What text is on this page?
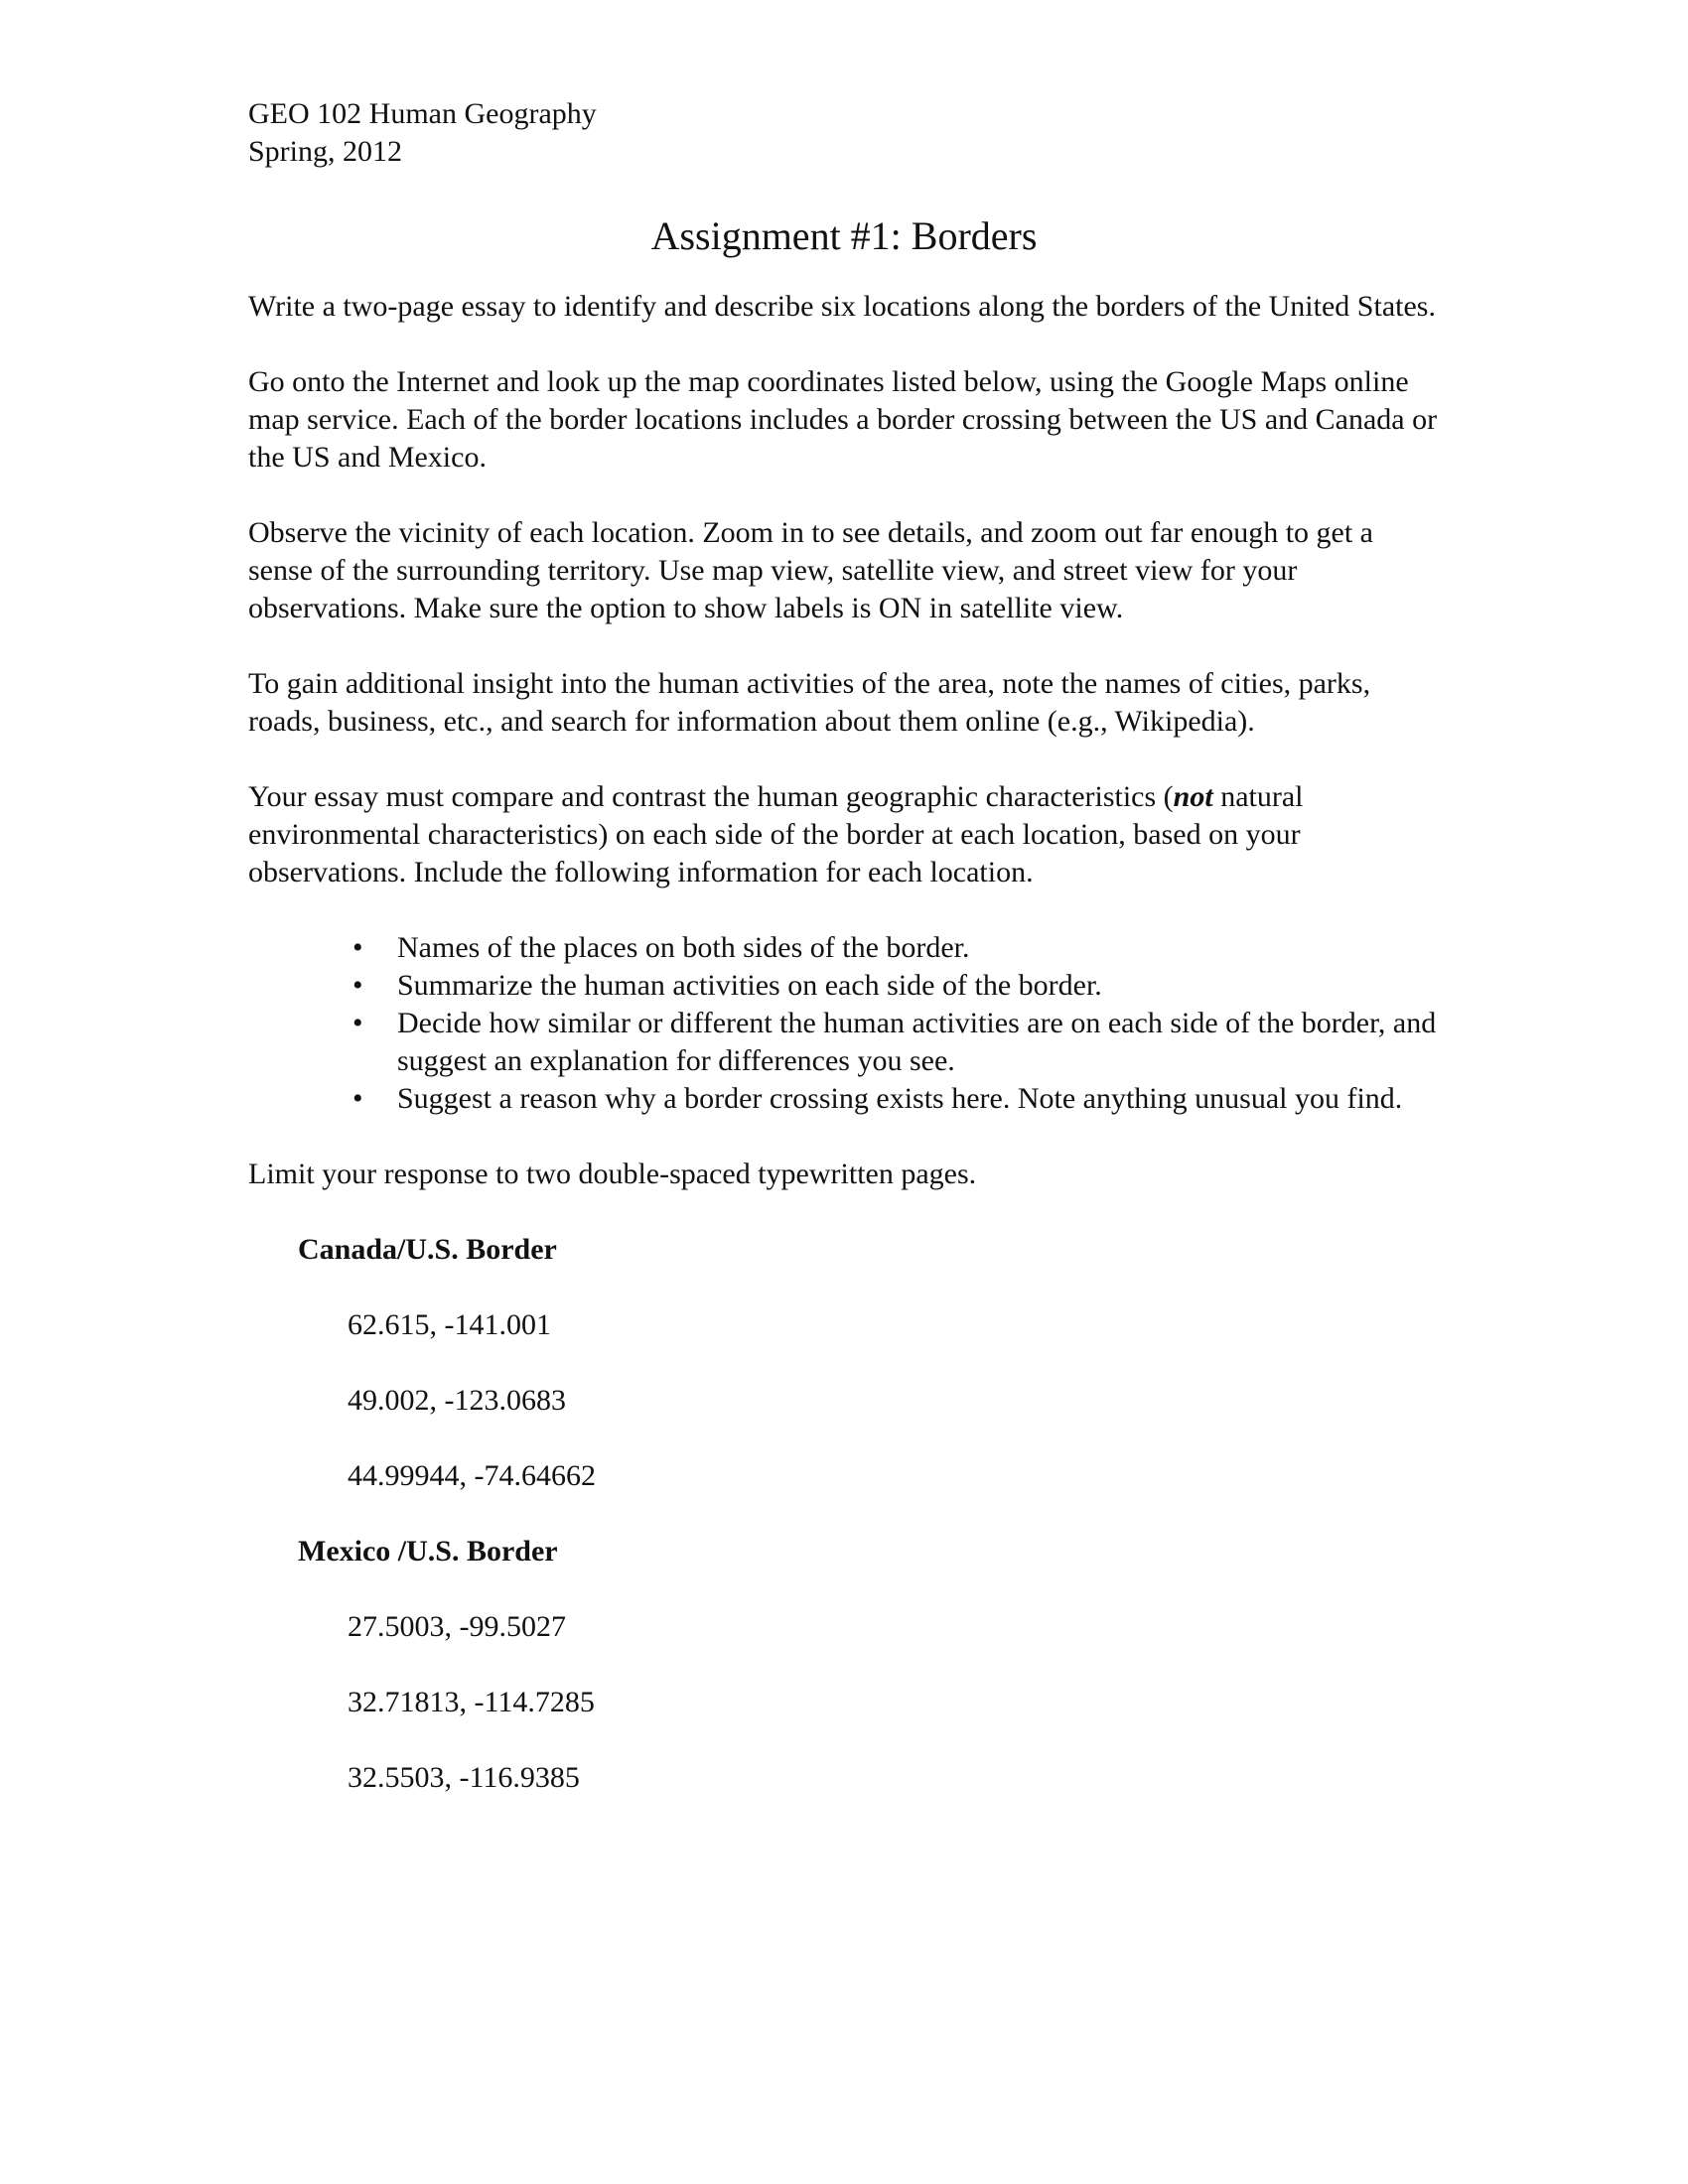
GEO 102 Human Geography

Spring, 2012

Assignment #1: Borders

Write a two-page essay to identify and describe six locations along the borders of the United States.

Go onto the Internet and look up the map coordinates listed below, using the Google Maps online map service. Each of the border locations includes a border crossing between the US and Canada or the US and Mexico.

Observe the vicinity of each location. Zoom in to see details, and zoom out far enough to get a sense of the surrounding territory. Use map view, satellite view, and street view for your observations. Make sure the option to show labels is ON in satellite view.

To gain additional insight into the human activities of the area, note the names of cities, parks, roads, business, etc., and search for information about them online (e.g., Wikipedia).

Your essay must compare and contrast the human geographic characteristics (not natural environmental characteristics) on each side of the border at each location, based on your observations. Include the following information for each location.

• Names of the places on both sides of the border.
• Summarize the human activities on each side of the border.
• Decide how similar or different the human activities are on each side of the border, and suggest an explanation for differences you see.
• Suggest a reason why a border crossing exists here. Note anything unusual you find.

Limit your response to two double-spaced typewritten pages.

Canada/U.S. Border
62.615, -141.001
49.002, -123.0683
44.99944, -74.64662
Mexico /U.S. Border
27.5003, -99.5027
32.71813, -114.7285
32.5503, -116.9385
